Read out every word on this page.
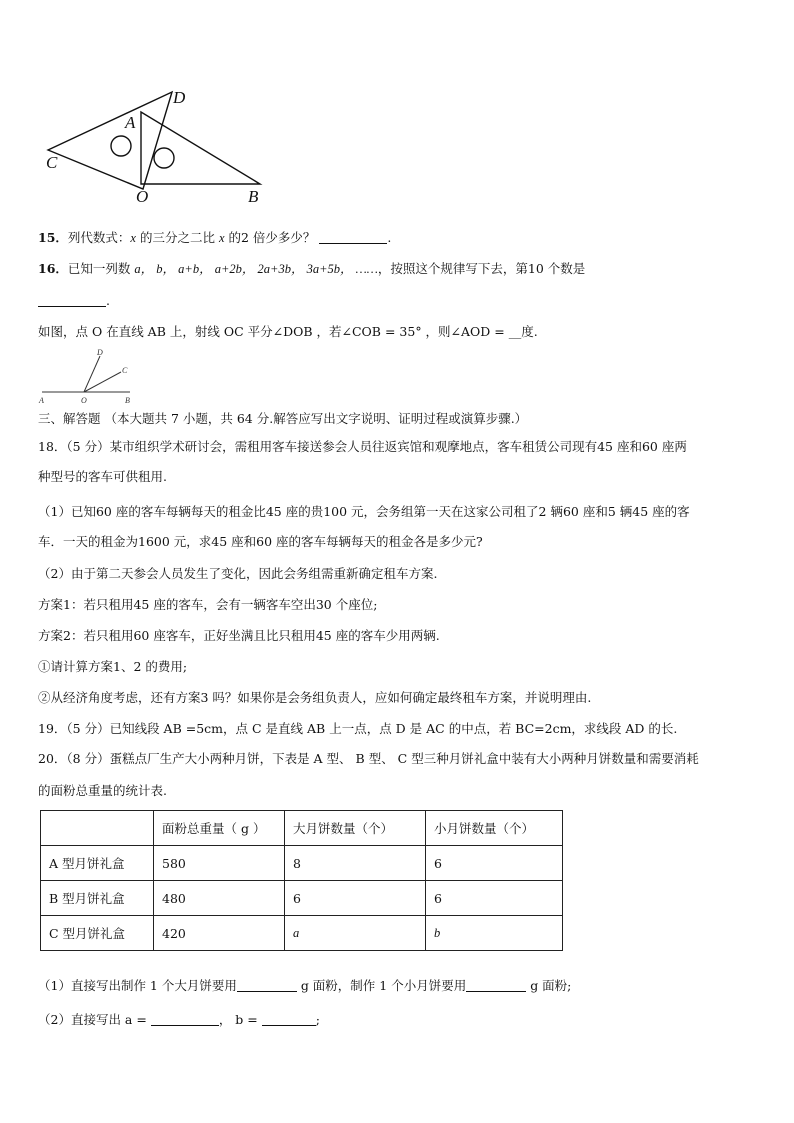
D
A
C
O	B
15．列代数式：x 的三分之二比 x 的2 倍少多少？	.
16．已知一列数 a， b， a+b， a+2b， 2a+3b， 3a+5b， ……，按照这个规律写下去，第10 个数是
.
如图，点 O 在直线 AB 上，射线 OC 平分∠DOB ，若∠COB = 35° ，则∠AOD = __度.
D
C
A	O	B
三、解答题 （本大题共 7 小题，共 64 分.解答应写出文字说明、证明过程或演算步骤.）
18．（5 分）某市组织学术研讨会，需租用客车接送参会人员往返宾馆和观摩地点，客车租赁公司现有45 座和60 座两
种型号的客车可供租用.
（1）已知60 座的客车每辆每天的租金比45 座的贵100 元，会务组第一天在这家公司租了2 辆60 座和5 辆45 座的客
车．一天的租金为1600 元，求45 座和60 座的客车每辆每天的租金各是多少元?
（2）由于第二天参会人员发生了变化，因此会务组需重新确定租车方案.
方案1：若只租用45 座的客车，会有一辆客车空出30 个座位;
方案2：若只租用60 座客车，正好坐满且比只租用45 座的客车少用两辆.
①请计算方案1、2 的费用;
②从经济角度考虑，还有方案3 吗？如果你是会务组负责人，应如何确定最终租车方案，并说明理由.
19．（5 分）已知线段 AB =5cm，点 C 是直线 AB 上一点，点 D 是 AC 的中点，若 BC=2cm，求线段 AD 的长.
20．（8 分）蛋糕点厂生产大小两种月饼，下表是 A 型、 B 型、 C 型三种月饼礼盒中装有大小两种月饼数量和需要消耗
的面粉总重量的统计表.
	面粉总重量（ g ）	大月饼数量（个）	小月饼数量（个）
A 型月饼礼盒	580	8	6
B 型月饼礼盒	480	6	6
C 型月饼礼盒	420	a	b
（1）直接写出制作 1 个大月饼要用	g 面粉，制作 1 个小月饼要用	g 面粉;
（2）直接写出 a =	， b =	;
